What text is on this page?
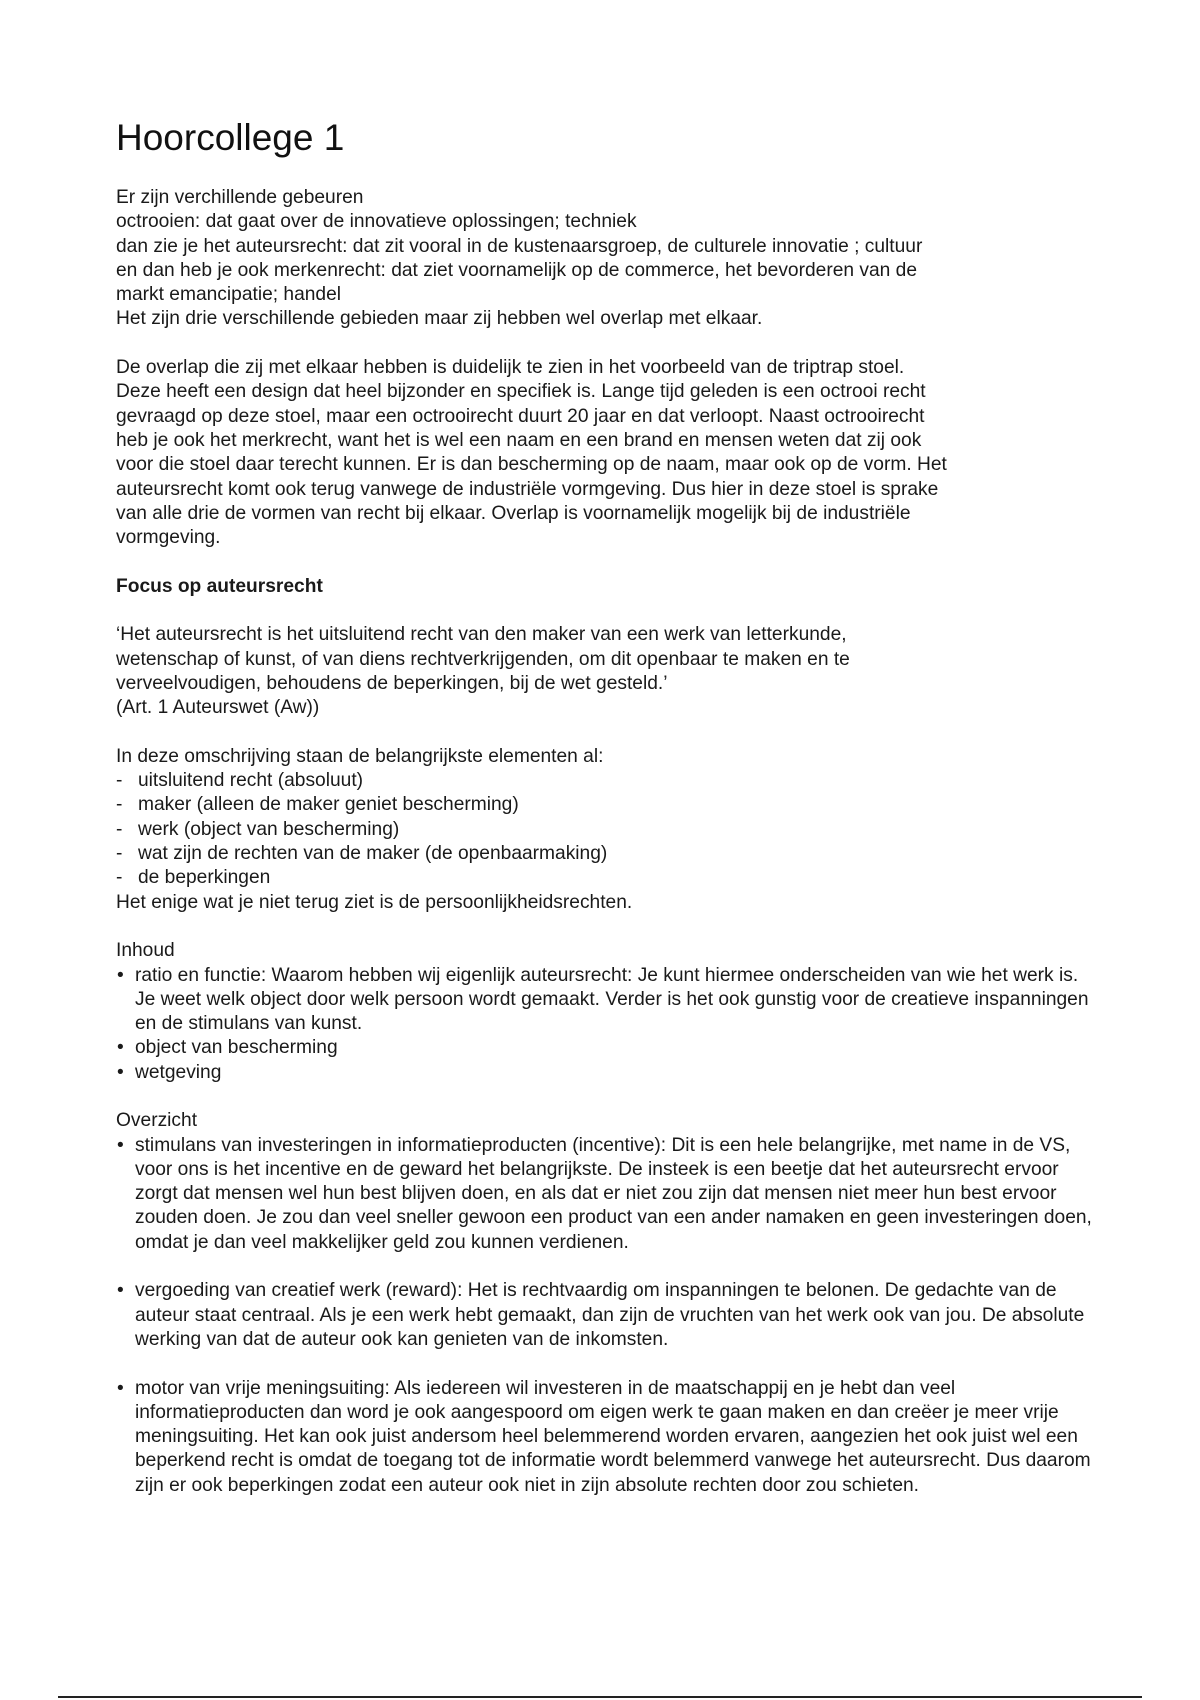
Hoorcollege 1
Er zijn verchillende gebeuren
octrooien: dat gaat over de innovatieve oplossingen; techniek
dan zie je het auteursrecht: dat zit vooral in de kustenaarsgroep, de culturele innovatie ; cultuur
en dan heb je ook merkenrecht: dat ziet voornamelijk op de commerce, het bevorderen van de
markt emancipatie; handel
Het zijn drie verschillende gebieden maar zij hebben wel overlap met elkaar.
De overlap die zij met elkaar hebben is duidelijk te zien in het voorbeeld van de triptrap stoel.
Deze heeft een design dat heel bijzonder en specifiek is. Lange tijd geleden is een octrooi recht
gevraagd op deze stoel, maar een octrooirecht duurt 20 jaar en dat verloopt. Naast octrooirecht
heb je ook het merkrecht, want het is wel een naam en een brand en mensen weten dat zij ook
voor die stoel daar terecht kunnen. Er is dan bescherming op de naam, maar ook op de vorm. Het
auteursrecht komt ook terug vanwege de industriële vormgeving. Dus hier in deze stoel is sprake
van alle drie de vormen van recht bij elkaar. Overlap is voornamelijk mogelijk bij de industriële
vormgeving.
Focus op auteursrecht
‘Het auteursrecht is het uitsluitend recht van den maker van een werk van letterkunde,
wetenschap of kunst, of van diens rechtverkrijgenden, om dit openbaar te maken en te
verveelvoudigen, behoudens de beperkingen, bij de wet gesteld.’
(Art. 1 Auteurswet (Aw))
In deze omschrijving staan de belangrijkste elementen al:
- uitsluitend recht (absoluut)
- maker (alleen de maker geniet bescherming)
- werk (object van bescherming)
- wat zijn de rechten van de maker (de openbaarmaking)
- de beperkingen
Het enige wat je niet terug ziet is de persoonlijkheidsrechten.
Inhoud
• ratio en functie: Waarom hebben wij eigenlijk auteursrecht: Je kunt hiermee onderscheiden van wie het werk is. Je weet welk object door welk persoon wordt gemaakt. Verder is het ook gunstig voor de creatieve inspanningen en de stimulans van kunst.
• object van bescherming
• wetgeving
Overzicht
• stimulans van investeringen in informatieproducten (incentive): Dit is een hele belangrijke, met name in de VS, voor ons is het incentive en de geward het belangrijkste. De insteek is een beetje dat het auteursrecht ervoor zorgt dat mensen wel hun best blijven doen, en als dat er niet zou zijn dat mensen niet meer hun best ervoor zouden doen. Je zou dan veel sneller gewoon een product van een ander namaken en geen investeringen doen, omdat je dan veel makkelijker geld zou kunnen verdienen.
• vergoeding van creatief werk (reward): Het is rechtvaardig om inspanningen te belonen. De gedachte van de auteur staat centraal. Als je een werk hebt gemaakt, dan zijn de vruchten van het werk ook van jou. De absolute werking van dat de auteur ook kan genieten van de inkomsten.
• motor van vrije meningsuiting: Als iedereen wil investeren in de maatschappij en je hebt dan veel informatieproducten dan word je ook aangespoord om eigen werk te gaan maken en dan creëer je meer vrije meningsuiting. Het kan ook juist andersom heel belemmerend worden ervaren, aangezien het ook juist wel een beperkend recht is omdat de toegang tot de informatie wordt belemmerd vanwege het auteursrecht. Dus daarom zijn er ook beperkingen zodat een auteur ook niet in zijn absolute rechten door zou schieten.
